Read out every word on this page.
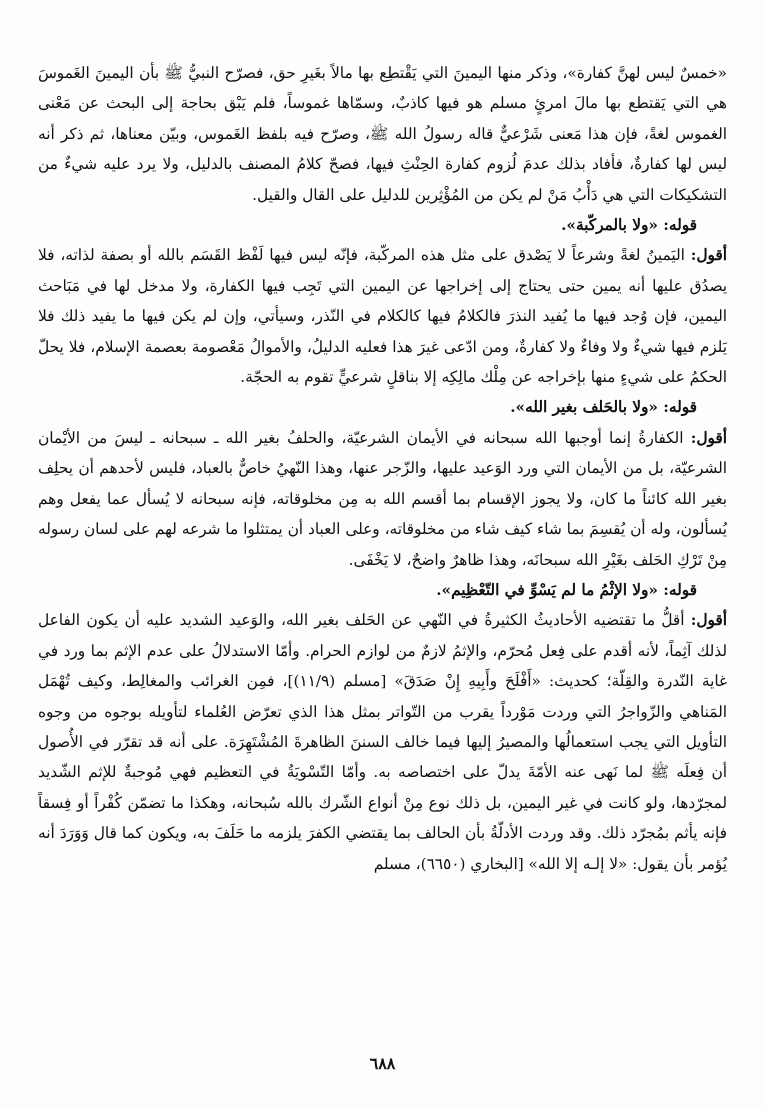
«خمسٌ ليس لهنَّ كفارة»، وذكر منها اليمينَ التي يَقْتطِع بها مالاً بغَيرِ حق، فصرّح النبيُّ ﷺ بأن اليمينَ الغَموسَ هي التي يَقتطع بها مالَ امرئٍ مسلم هو فيها كاذبٌ، وسمّاها غموساً، فلم يَبْق بحاجة إلى البحث عن مَعْنى الغموس لغةً، فإن هذا مَعنى شَرْعيٌّ قاله رسولُ الله ﷺ، وصرّح فيه بلفظ الغَموس، وبيّن معناها، ثم ذكر أنه ليس لها كفارةٌ، فأفاد بذلك عدمَ لُزوم كفارة الحِنْثِ فيها، فصحّ كلامُ المصنف بالدليل، ولا يرد عليه شيءٌ من التشكيكات التي هي دَأْبُ مَنْ لم يكن من المُؤْثِرين للدليل على القال والقيل.

قوله: «ولا بالمركّبة».

أقول: اليَمينُ لغةً وشرعاً لا يَصْدق على مثل هذه المركّبة، فإنّه ليس فيها لَفْظ القَسَم بالله أو بصفة لذاته، فلا يصدُق عليها أنه يمين حتى يحتاج إلى إخراجها عن اليمين التي تَجِب فيها الكفارة، ولا مدخل لها في مَبَاحث اليمين، فإن وُجد فيها ما يُفيد النذرَ فالكلامُ فيها كالكلام في النّذر، وسيأتي، وإن لم يكن فيها ما يفيد ذلك فلا يَلزم فيها شيءٌ ولا وفاءٌ ولا كفارةٌ، ومن ادّعى غيرَ هذا فعليه الدليلُ، والأموالُ مَعْصومة بعصمة الإسلام، فلا يحلّ الحكمُ على شيءٍ منها بإخراجه عن مِلْك مالِكِه إلا بناقلٍ شرعيٍّ تقوم به الحجّة.

قوله: «ولا بالحَلف بغير الله».

أقول: الكفارةُ إنما أوجبها الله سبحانه في الأيمان الشرعيّة، والحلفُ بغير الله ـ سبحانه ـ ليسَ من الأيْمان الشرعيّة، بل من الأيمان التي ورد الوَعيد عليها، والزّجر عنها، وهذا النّهيُ خاصٌّ بالعباد، فليس لأحدهم أن يحلِف بغير الله كائناً ما كان، ولا يجوز الإقسام بما أقسم الله به مِن مخلوقاته، فإنه سبحانه لا يُسأل عما يفعل وهم يُسألون، وله أن يُقسِمَ بما شاء كيف شاء من مخلوقاته، وعلى العباد أن يمتثلوا ما شرعه لهم على لسان رسوله مِنْ تَرْكِ الحَلف بغَيْرِ الله سبحانَه، وهذا ظاهرٌ واضحٌ، لا يَخْفَى.

قوله: «ولا الإثْمُ ما لم يَسْوِّ في التّعْظِيم».

أقول: أقلُّ ما تقتضيه الأحاديثُ الكثيرةُ في النّهي عن الحَلف بغير الله، والوَعيد الشديد عليه أن يكون الفاعل لذلك آثِماً، لأنه أقدم على فِعل مُحرّم، والإثمُ لازمٌ من لوازم الحرام. وأمّا الاستدلالُ على عدم الإثم بما ورد في غاية النّدرة والقِلّة؛ كحديث: «أَفْلَحَ وأَبِيهِ إِنْ صَدَقَ» [مسلم (١١/٩)]، فمِن الغرائب والمغالِط، وكيف تُهْمَل المَناهي والزّواجرُ التي وردت مَوْرداً يقرب من التّواتر بمثل هذا الذي تعرّض العُلماء لتأويله بوجوه من وجوه التأويل التي يجب استعمالُها والمصيرُ إليها فيما خالف السننَ الظاهرةَ المُشْتَهِرَة. على أنه قد تقرّر في الأُصول أن فِعلَه ﷺ لما نَهى عنه الأمّةَ يدلّ على اختصاصه به. وأمّا التّسْويَةُ في التعظيم فهي مُوجبةٌ للإثم الشّديد لمجرّدها، ولو كانت في غير اليمين، بل ذلك نوع مِنْ أنواع الشّرك بالله سُبحانه، وهكذا ما تضمّن كُفْراً أو فِسقاً فإنه يأثم بمُجرّد ذلك. وقد وردت الأدلّةُ بأن الحالف بما يقتضي الكفرَ يلزمه ما حَلَفَ به، ويكون كما قال وَوَرَدَ أنه يُؤمر بأن يقول: «لا إلـه إلا الله» [البخاري (٦٦٥٠)، مسلم

٦٨٨
